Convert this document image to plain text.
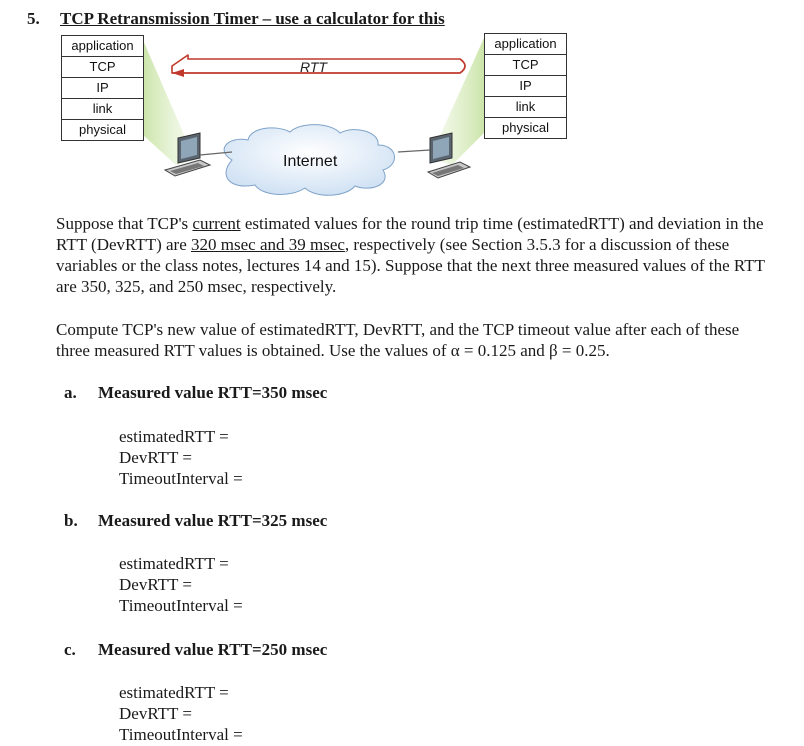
5. TCP Retransmission Timer – use a calculator for this
RTT
Internet
application
TCP
IP
link
physical
application
TCP
IP
link
physical
Suppose that TCP's current estimated values for the round trip time (estimatedRTT) and deviation in the RTT (DevRTT) are 320 msec and 39 msec, respectively (see Section 3.5.3 for a discussion of these variables or the class notes, lectures 14 and 15). Suppose that the next three measured values of the RTT are 350, 325, and 250 msec, respectively.
Compute TCP's new value of estimatedRTT, DevRTT, and the TCP timeout value after each of these three measured RTT values is obtained. Use the values of α = 0.125 and β = 0.25.
a. Measured value RTT=350 msec
estimatedRTT =
DevRTT =
TimeoutInterval =
b. Measured value RTT=325 msec
estimatedRTT =
DevRTT =
TimeoutInterval =
c. Measured value RTT=250 msec
estimatedRTT =
DevRTT =
TimeoutInterval =
